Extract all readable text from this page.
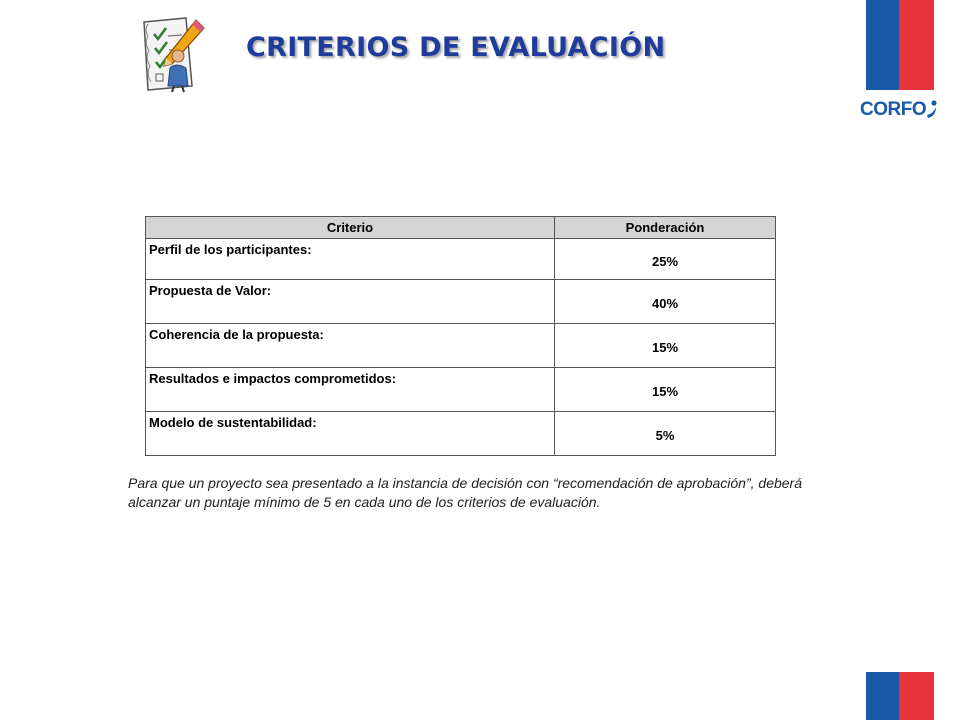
CRITERIOS DE EVALUACIÓN
CORFO
Criterio	Ponderación
Perfil de los participantes:	25%
Propuesta de Valor:	40%
Coherencia de la propuesta:	15%
Resultados e impactos comprometidos:	15%
Modelo de sustentabilidad:	5%
Para que un proyecto sea presentado a la instancia de decisión con “recomendación de aprobación”, deberá alcanzar un puntaje mínimo de 5 en cada uno de los criterios de evaluación.
